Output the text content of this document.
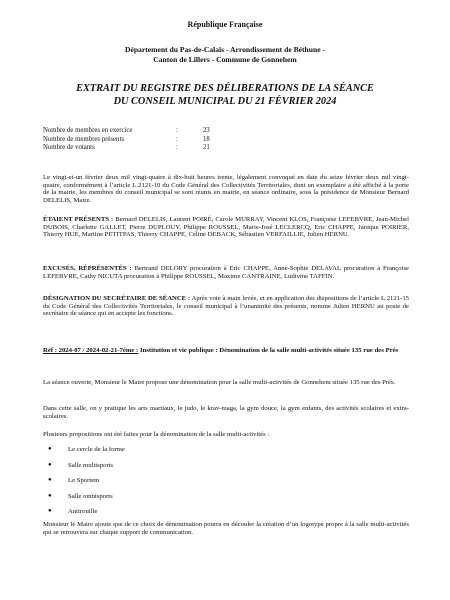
République Française
Département du Pas-de-Calais - Arrondissement de Béthune -
Canton de Lillers - Commune de Gonnehem
EXTRAIT DU REGISTRE DES DÉLIBERATIONS DE LA SÉANCE
DU CONSEIL MUNICIPAL DU 21 FÉVRIER 2024
Nombre de membres en exercice	:	23
Nombre de membres présents	:	18
Nombre de votants	:	21

Le vingt-et-un février deux mil vingt-quatre à dix-huit heures trente, légalement convoqué en date du seize février deux mil vingt-quatre, conformément à l’article L.2121-10 du Code Général des Collectivités Territoriales, dont un exemplaire a été affiché à la porte de la mairie, les membres du conseil municipal se sont réunis en mairie, en séance ordinaire, sous la présidence de Monsieur Bernard DELELIS, Maire.

ÉTAIENT PRÉSENTS : Bernard DELELIS, Laurent POIRÉ, Carole MURRAY, Vincent KLOS, Françoise LEFEBVRE, Jean-Michel DUBOIS, Charlette GALLET, Pierre DUPLOUY, Philippe ROUSSEL, Marie-José LECLERCQ, Eric CHAPPE, Janique POIRIER, Thierry HUE, Martine PETITPAS, Thierry CHAPPE, Céline DEBACK, Sébastien VERFAILLIE, Julien HERNU.

EXCUSÉS, RÉPRÉSENTÉS : Bertrand DELORY procuration à Eric CHAPPE, Anne-Sophie DELAVAL procuration à Françoise LEFEBVRE, Cathy NICUTA procuration à Philippe ROUSSEL, Maxime CANTRAINE, Ludivine TAFFIN.

DÉSIGNATION DU SECRÉTAIRE DE SÉANCE : Après vote à main levée, et en application des dispositions de l’article L.2121-15 du Code Général des Collectivités Territoriales, le conseil municipal à l’unanimité des présents, nomme Julien HERNU au poste de secrétaire de séance qui en accepte les fonctions.

Réf : 2024-07 / 2024-02-21-7ème : Institution et vie publique : Dénomination de la salle multi-activités située 135 rue des Prés

La séance ouverte, Monsieur le Maire propose une dénomination pour la salle multi-activités de Gonnehem située 135 rue des Prés.

Dans cette salle, on y pratique les arts martiaux, le judo, le krav-maga, la gym douce, la gym enfants, des activités scolaires et extra-scolaires.

Plusieurs propositions ont été faites pour la dénomination de la salle multi-activités :

● Le cercle de la forme
● Salle multisports
● Le Sportem
● Salle omnisports
● Antirouille

Monsieur le Maire ajoute que de ce choix de dénomination pourra en découler la création d’un logotype propre à la salle multi-activités qui se retrouvera sur chaque support de communication.
